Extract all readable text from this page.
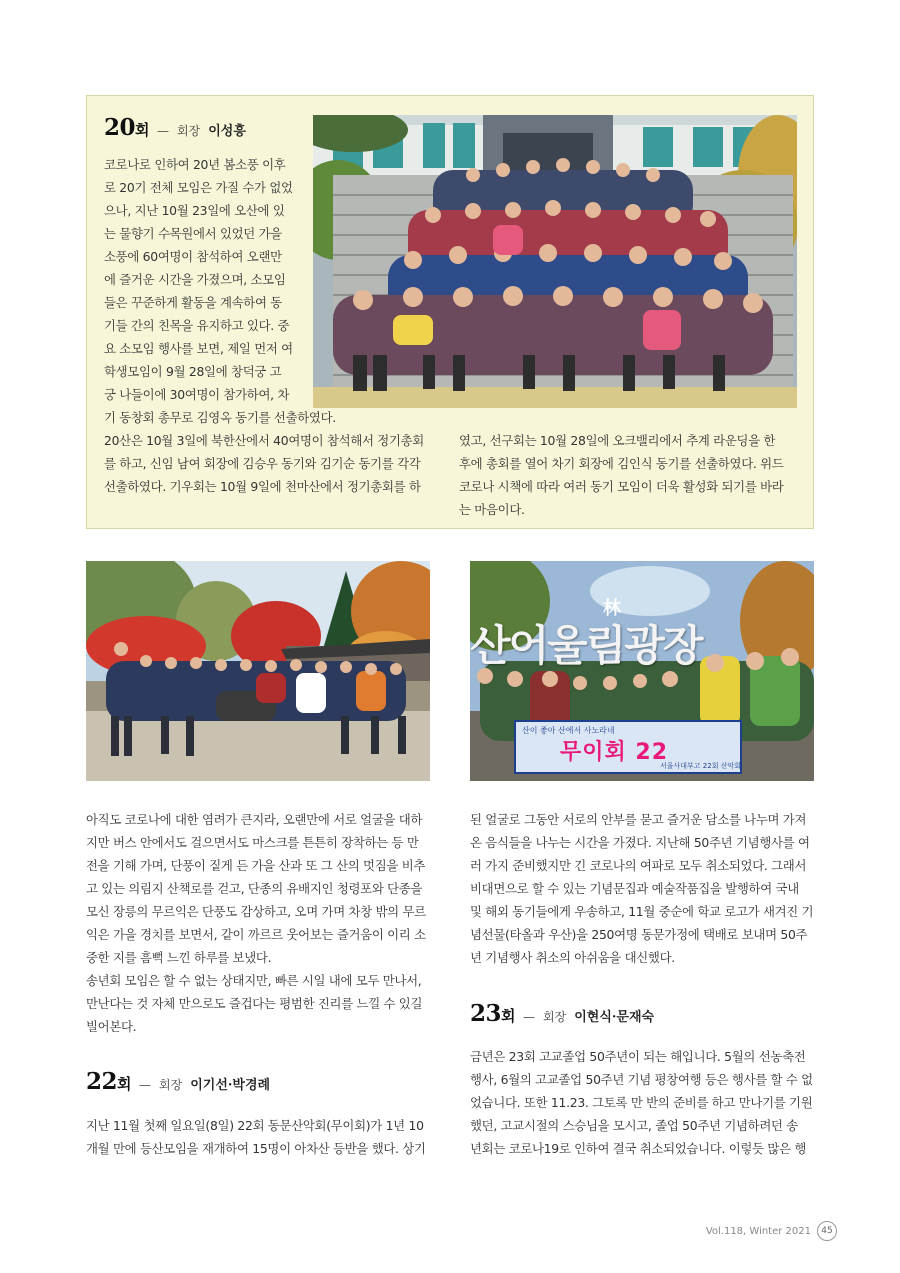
20회 — 회장 이성흥

코로나로 인하여 20년 봄소풍 이후

로 20기 전체 모임은 가질 수가 없었

으나, 지난 10월 23일에 오산에 있

는 물향기 수목원에서 있었던 가을

소풍에 60여명이 참석하여 오랜만

에 즐거운 시간을 가졌으며, 소모임

들은 꾸준하게 활동을 계속하여 동

기들 간의 친목을 유지하고 있다. 중

요 소모임 행사를 보면, 제일 먼저 여

학생모임이 9월 28일에 창덕궁 고

궁 나들이에 30여명이 참가하여, 차

기 동창회 총무로 김영옥 동기를 선출하였다.

20산은 10월 3일에 북한산에서 40여명이 참석해서 정기총회

를 하고, 신임 남여 회장에 김승우 동기와 김기순 동기를 각각

선출하였다. 기우회는 10월 9일에 천마산에서 정기총회를 하

였고, 선구회는 10월 28일에 오크밸리에서 추계 라운딩을 한

후에 총회를 열어 차기 회장에 김인식 동기를 선출하였다. 위드

코로나 시책에 따라 여러 동기 모임이 더욱 활성화 되기를 바라

는 마음이다.

林
산어울림광장
산이 좋아 산에서 사노라네
무이회 22
서울사대부고 22회 산악회

아직도 코로나에 대한 염려가 큰지라, 오랜만에 서로 얼굴을 대하

지만 버스 안에서도 걸으면서도 마스크를 튼튼히 장착하는 등 만

전을 기해 가며, 단풍이 짙게 든 가을 산과 또 그 산의 멋짐을 비추

고 있는 의림지 산책로를 걷고, 단종의 유배지인 청령포와 단종을

모신 장릉의 무르익은 단풍도 감상하고, 오며 가며 차창 밖의 무르

익은 가을 경치를 보면서, 같이 까르르 웃어보는 즐거움이 이리 소

중한 지를 흠뻑 느낀 하루를 보냈다.

송년회 모임은 할 수 없는 상태지만, 빠른 시일 내에 모두 만나서,

만난다는 것 자체 만으로도 즐겁다는 평범한 진리를 느낄 수 있길

빌어본다.

22회 — 회장 이기선·박경례

지난 11월 첫째 일요일(8일) 22회 동문산악회(무이회)가 1년 10

개월 만에 등산모임을 재개하여 15명이 아차산 등반을 했다. 상기

된 얼굴로 그동안 서로의 안부를 묻고 즐거운 담소를 나누며 가져

온 음식들을 나누는 시간을 가졌다. 지난해 50주년 기념행사를 여

러 가지 준비했지만 긴 코로나의 여파로 모두 취소되었다. 그래서

비대면으로 할 수 있는 기념문집과 예술작품집을 발행하여 국내

및 해외 동기들에게 우송하고, 11월 중순에 학교 로고가 새겨진 기

념선물(타올과 우산)을 250여명 동문가정에 택배로 보내며 50주

년 기념행사 취소의 아쉬움을 대신했다.

23회 — 회장 이현식·문재숙

금년은 23회 고교졸업 50주년이 되는 해입니다. 5월의 선농축전

행사, 6월의 고교졸업 50주년 기념 평창여행 등은 행사를 할 수 없

었습니다. 또한 11.23. 그토록 만 반의 준비를 하고 만나기를 기원

했던, 고교시절의 스승님을 모시고, 졸업 50주년 기념하려던 송

년회는 코로나19로 인하여 결국 취소되었습니다. 이렇듯 많은 행

Vol.118, Winter 2021	45
